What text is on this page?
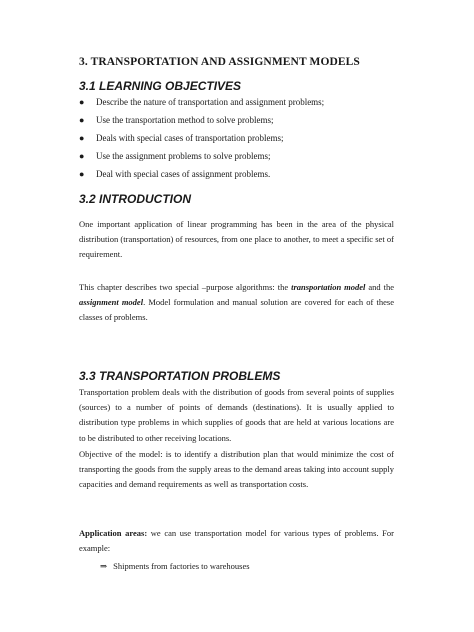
3. TRANSPORTATION AND ASSIGNMENT MODELS
3.1 LEARNING OBJECTIVES
● Describe the nature of transportation and assignment problems;
● Use the transportation method to solve problems;
● Deals with special cases of transportation problems;
● Use the assignment problems to solve problems;
● Deal with special cases of assignment problems.
3.2 INTRODUCTION

One important application of linear programming has been in the area of the physical distribution (transportation) of resources, from one place to another, to meet a specific set of requirement.

This chapter describes two special –purpose algorithms: the transportation model and the assignment model. Model formulation and manual solution are covered for each of these classes of problems.

3.3 TRANSPORTATION PROBLEMS

Transportation problem deals with the distribution of goods from several points of supplies (sources) to a number of points of demands (destinations). It is usually applied to distribution type problems in which supplies of goods that are held at various locations are to be distributed to other receiving locations.

Objective of the model: is to identify a distribution plan that would minimize the cost of transporting the goods from the supply areas to the demand areas taking into account supply capacities and demand requirements as well as transportation costs.

Application areas: we can use transportation model for various types of problems. For example:

⇒ Shipments from factories to warehouses
